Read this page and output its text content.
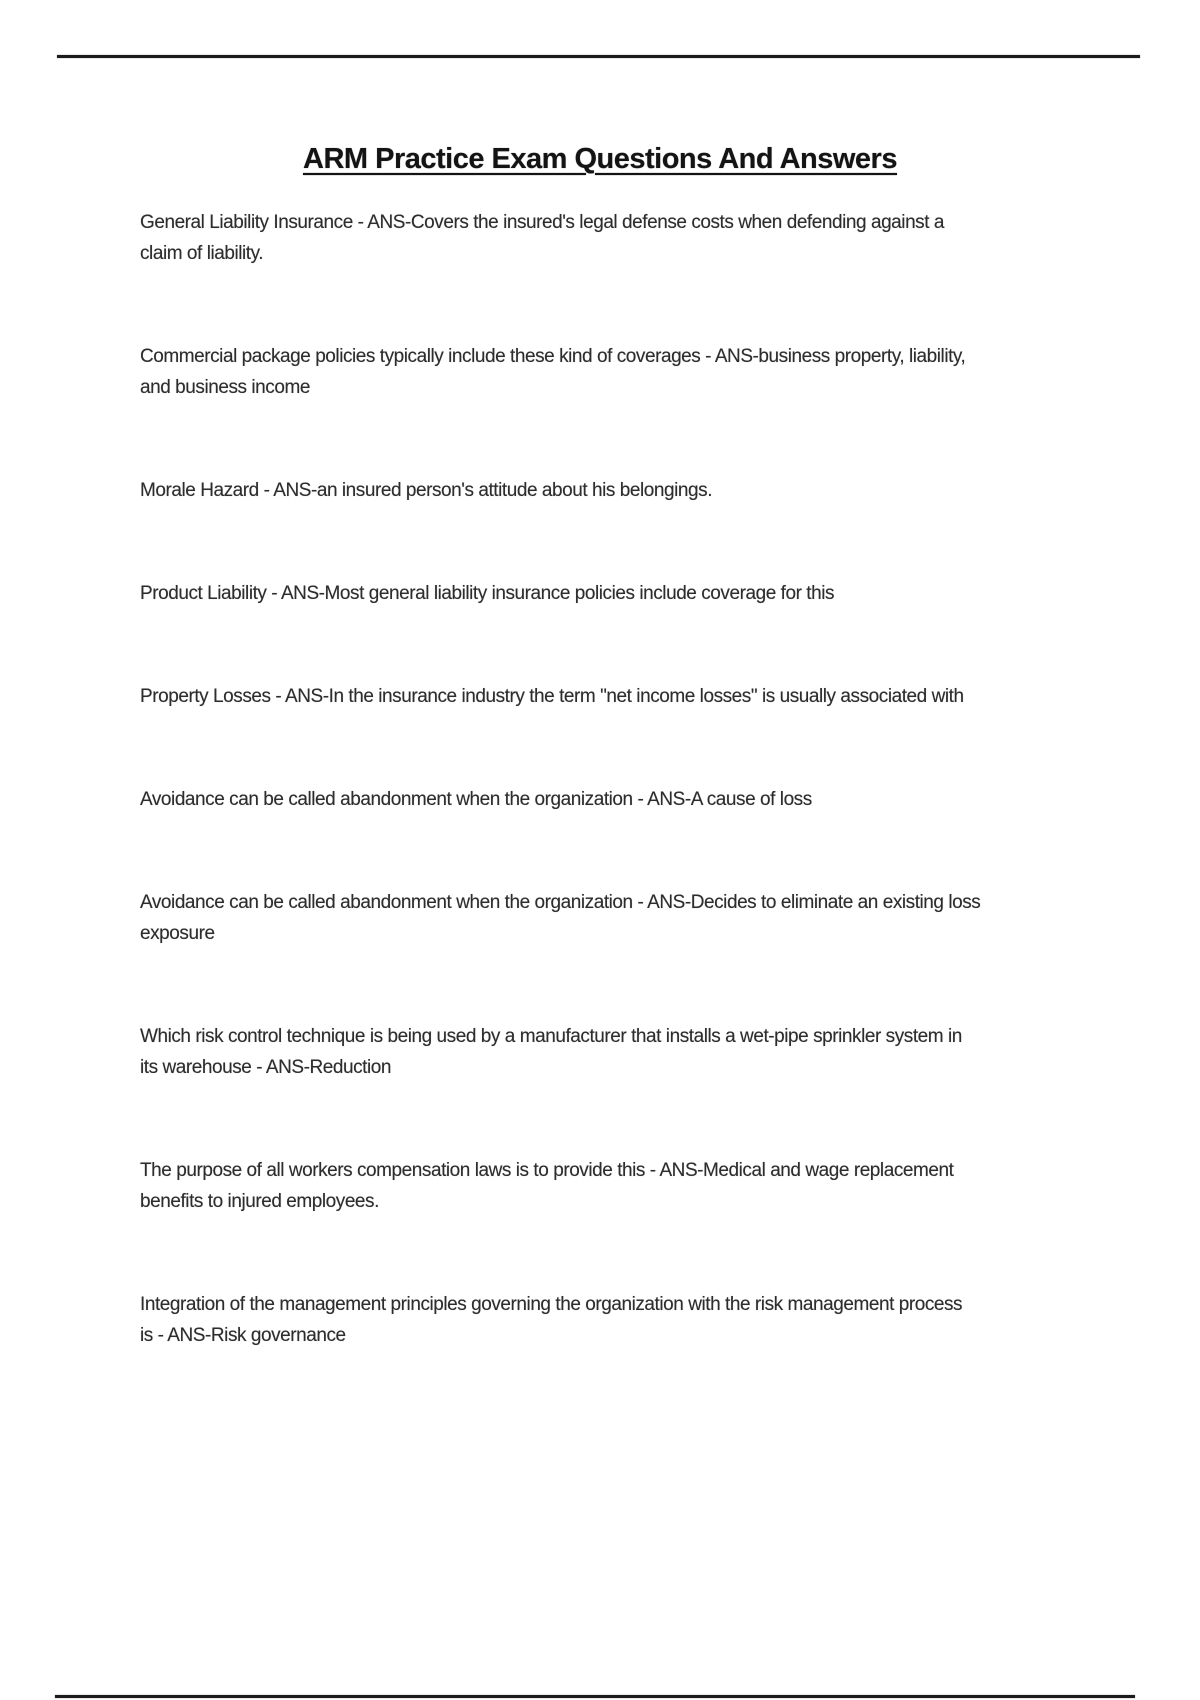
ARM Practice Exam Questions And Answers

General Liability Insurance - ANS-Covers the insured's legal defense costs when defending against a
claim of liability.

Commercial package policies typically include these kind of coverages - ANS-business property, liability,
and business income

Morale Hazard - ANS-an insured person's attitude about his belongings.

Product Liability - ANS-Most general liability insurance policies include coverage for this

Property Losses - ANS-In the insurance industry the term "net income losses" is usually associated with

Avoidance can be called abandonment when the organization - ANS-A cause of loss

Avoidance can be called abandonment when the organization - ANS-Decides to eliminate an existing loss
exposure

Which risk control technique is being used by a manufacturer that installs a wet-pipe sprinkler system in
its warehouse - ANS-Reduction

The purpose of all workers compensation laws is to provide this - ANS-Medical and wage replacement
benefits to injured employees.

Integration of the management principles governing the organization with the risk management process
is - ANS-Risk governance
